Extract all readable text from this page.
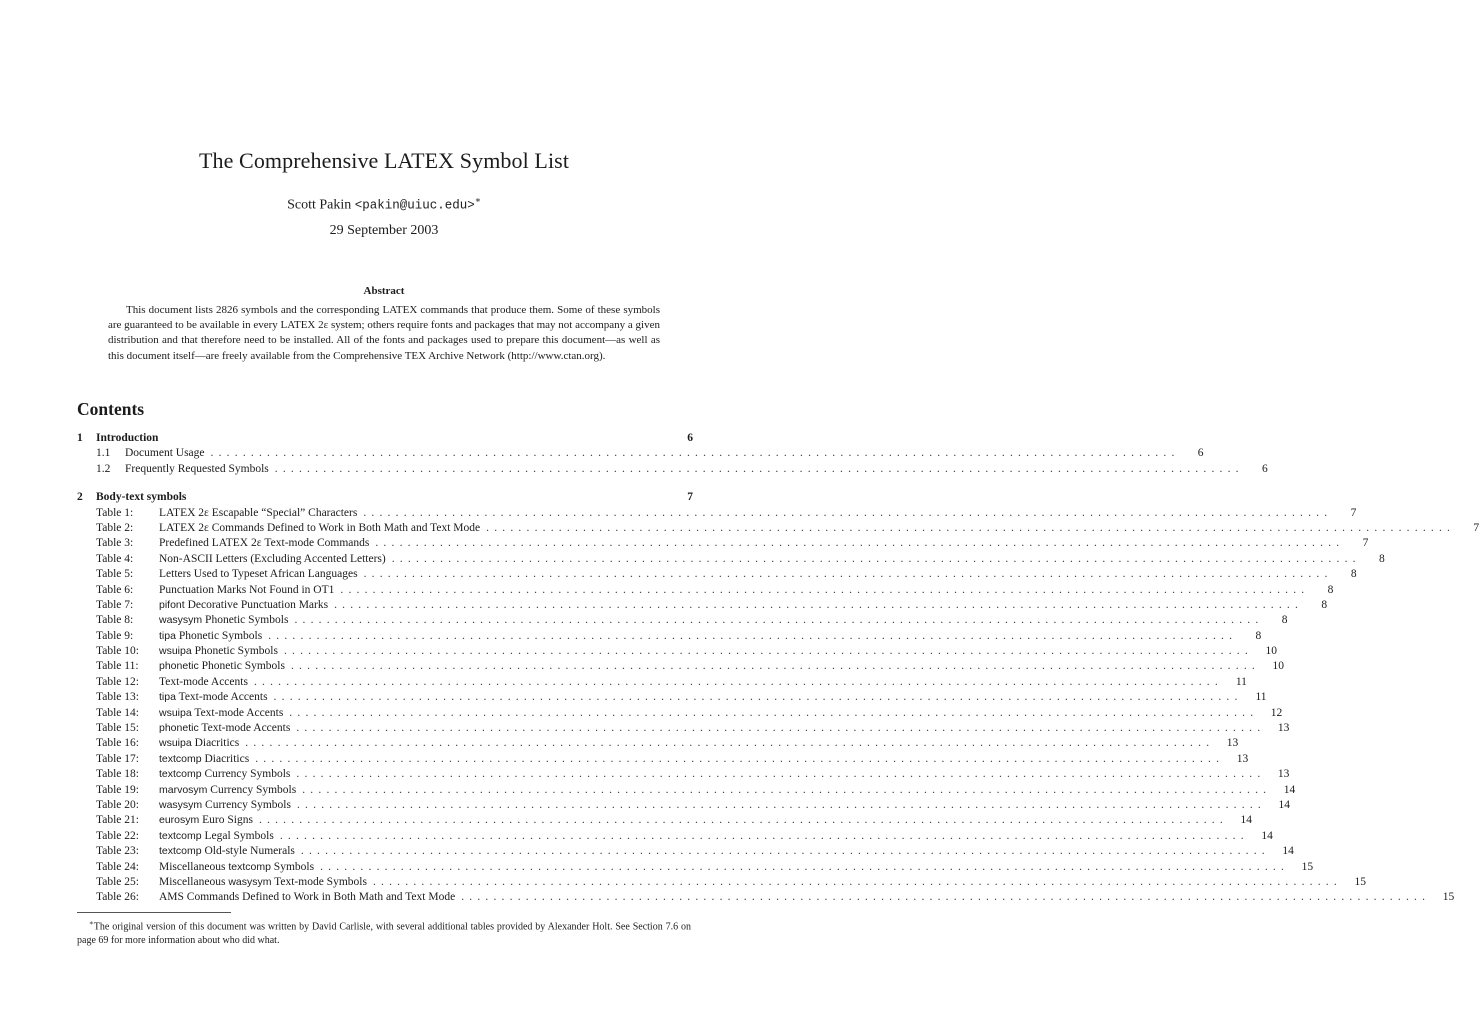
The Comprehensive LATEX Symbol List
Scott Pakin <pakin@uiuc.edu>∗
29 September 2003
Abstract
This document lists 2826 symbols and the corresponding LATEX commands that produce them. Some of these symbols are guaranteed to be available in every LATEX 2ε system; others require fonts and packages that may not accompany a given distribution and that therefore need to be installed. All of the fonts and packages used to prepare this document—as well as this document itself—are freely available from the Comprehensive TEX Archive Network (http://www.ctan.org).
Contents
1	Introduction	6
1.1	Document Usage ........................................................................................................................	6
1.2	Frequently Requested Symbols ........................................................................................................................	6
2	Body-text symbols	7
Table 1:	LATEX 2ε Escapable “Special” Characters ........................................................................................................................	7
Table 2:	LATEX 2ε Commands Defined to Work in Both Math and Text Mode ........................................................................................................................	7
Table 3:	Predefined LATEX 2ε Text-mode Commands ........................................................................................................................	7
Table 4:	Non-ASCII Letters (Excluding Accented Letters) ........................................................................................................................	8
Table 5:	Letters Used to Typeset African Languages ........................................................................................................................	8
Table 6:	Punctuation Marks Not Found in OT1 ........................................................................................................................	8
Table 7:	pifont Decorative Punctuation Marks ........................................................................................................................	8
Table 8:	wasysym Phonetic Symbols ........................................................................................................................	8
Table 9:	tipa Phonetic Symbols ........................................................................................................................	8
Table 10:	wsuipa Phonetic Symbols ........................................................................................................................	10
Table 11:	phonetic Phonetic Symbols ........................................................................................................................	10
Table 12:	Text-mode Accents ........................................................................................................................	11
Table 13:	tipa Text-mode Accents ........................................................................................................................	11
Table 14:	wsuipa Text-mode Accents ........................................................................................................................	12
Table 15:	phonetic Text-mode Accents ........................................................................................................................	13
Table 16:	wsuipa Diacritics ........................................................................................................................	13
Table 17:	textcomp Diacritics ........................................................................................................................	13
Table 18:	textcomp Currency Symbols ........................................................................................................................	13
Table 19:	marvosym Currency Symbols ........................................................................................................................	14
Table 20:	wasysym Currency Symbols ........................................................................................................................	14
Table 21:	eurosym Euro Signs ........................................................................................................................	14
Table 22:	textcomp Legal Symbols ........................................................................................................................	14
Table 23:	textcomp Old-style Numerals ........................................................................................................................	14
Table 24:	Miscellaneous textcomp Symbols ........................................................................................................................	15
Table 25:	Miscellaneous wasysym Text-mode Symbols ........................................................................................................................	15
Table 26:	AMS Commands Defined to Work in Both Math and Text Mode ........................................................................................................................	15
∗The original version of this document was written by David Carlisle, with several additional tables provided by Alexander Holt. See Section 7.6 on page 69 for more information about who did what.
